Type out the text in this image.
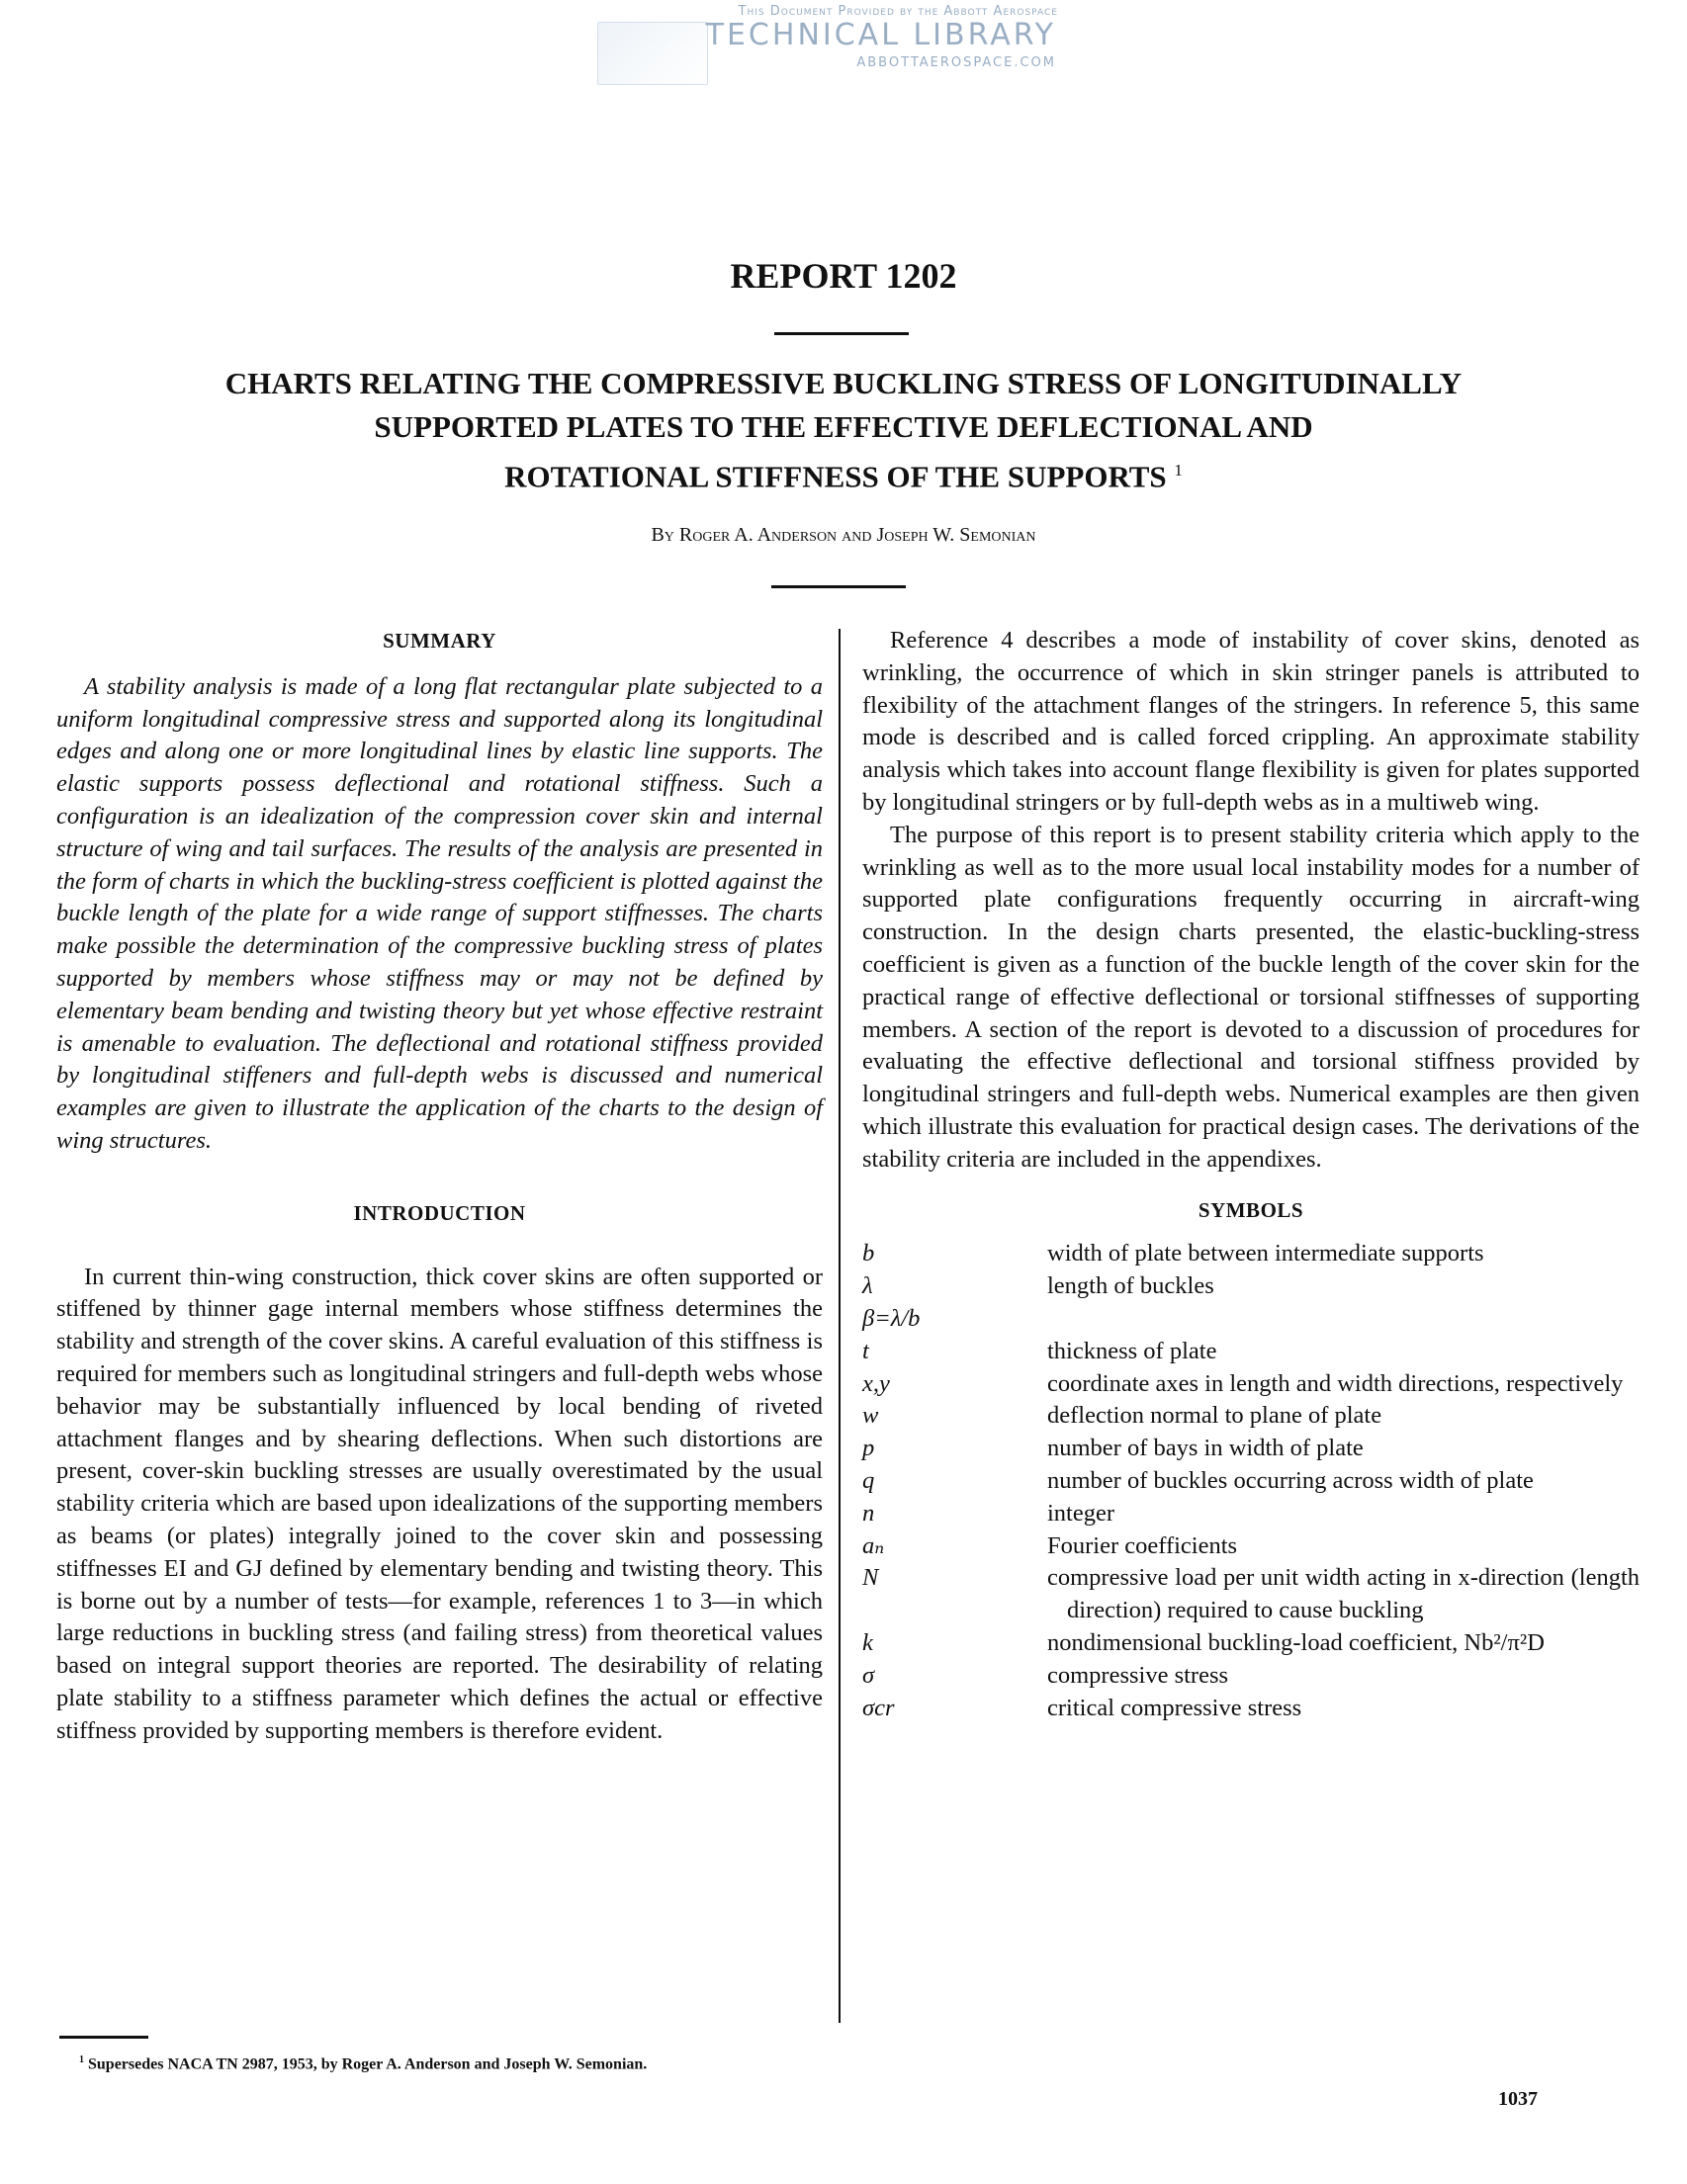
This Document Provided by the Abbott Aerospace
TECHNICAL LIBRARY
ABBOTTAEROSPACE.COM
REPORT 1202
CHARTS RELATING THE COMPRESSIVE BUCKLING STRESS OF LONGITUDINALLY
SUPPORTED PLATES TO THE EFFECTIVE DEFLECTIONAL AND
ROTATIONAL STIFFNESS OF THE SUPPORTS $^1$
By Roger A. Anderson and Joseph W. Semonian
SUMMARY

A stability analysis is made of a long flat rectangular plate subjected to a uniform longitudinal compressive stress and supported along its longitudinal edges and along one or more longitudinal lines by elastic line supports. The elastic supports possess deflectional and rotational stiffness. Such a configuration is an idealization of the compression cover skin and internal structure of wing and tail surfaces. The results of the analysis are presented in the form of charts in which the buckling-stress coefficient is plotted against the buckle length of the plate for a wide range of support stiffnesses. The charts make possible the determination of the compressive buckling stress of plates supported by members whose stiffness may or may not be defined by elementary beam bending and twisting theory but yet whose effective restraint is amenable to evaluation. The deflectional and rotational stiffness provided by longitudinal stiffeners and full-depth webs is discussed and numerical examples are given to illustrate the application of the charts to the design of wing structures.

INTRODUCTION

In current thin-wing construction, thick cover skins are often supported or stiffened by thinner gage internal members whose stiffness determines the stability and strength of the cover skins. A careful evaluation of this stiffness is required for members such as longitudinal stringers and full-depth webs whose behavior may be substantially influenced by local bending of riveted attachment flanges and by shearing deflections. When such distortions are present, cover-skin buckling stresses are usually overestimated by the usual stability criteria which are based upon idealizations of the supporting members as beams (or plates) integrally joined to the cover skin and possessing stiffnesses EI and GJ defined by elementary bending and twisting theory. This is borne out by a number of tests—for example, references 1 to 3—in which large reductions in buckling stress (and failing stress) from theoretical values based on integral support theories are reported. The desirability of relating plate stability to a stiffness parameter which defines the actual or effective stiffness provided by supporting members is therefore evident.

Reference 4 describes a mode of instability of cover skins, denoted as wrinkling, the occurrence of which in skin stringer panels is attributed to flexibility of the attachment flanges of the stringers. In reference 5, this same mode is described and is called forced crippling. An approximate stability analysis which takes into account flange flexibility is given for plates supported by longitudinal stringers or by full-depth webs as in a multiweb wing.

The purpose of this report is to present stability criteria which apply to the wrinkling as well as to the more usual local instability modes for a number of supported plate configurations frequently occurring in aircraft-wing construction. In the design charts presented, the elastic-buckling-stress coefficient is given as a function of the buckle length of the cover skin for the practical range of effective deflectional or torsional stiffnesses of supporting members. A section of the report is devoted to a discussion of procedures for evaluating the effective deflectional and torsional stiffness provided by longitudinal stringers and full-depth webs. Numerical examples are then given which illustrate this evaluation for practical design cases. The derivations of the stability criteria are included in the appendixes.

SYMBOLS
b	width of plate between intermediate supports
λ	length of buckles
β=λ/b	
t	thickness of plate
x,y	coordinate axes in length and width directions, respectively
w	deflection normal to plane of plate
p	number of bays in width of plate
q	number of buckles occurring across width of plate
n	integer
aₙ	Fourier coefficients
N	compressive load per unit width acting in x-direction (length direction) required to cause buckling
k	nondimensional buckling-load coefficient, Nb²/π²D
σ	compressive stress
σcr	critical compressive stress
$^1$ Supersedes NACA TN 2987, 1953, by Roger A. Anderson and Joseph W. Semonian.
1037
